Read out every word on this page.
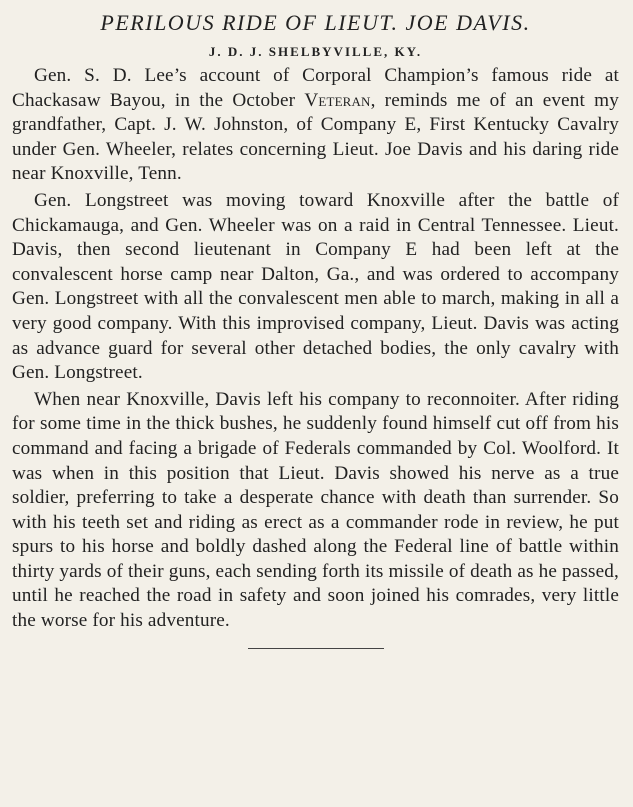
PERILOUS RIDE OF LIEUT. JOE DAVIS.
J. D. J. SHELBYVILLE, KY.

Gen. S. D. Lee’s account of Corporal Champion’s famous ride at Chackasaw Bayou, in the October Veteran, reminds me of an event my grandfather, Capt. J. W. Johnston, of Company E, First Kentucky Cavalry under Gen. Wheeler, relates concerning Lieut. Joe Davis and his daring ride near Knoxville, Tenn.

Gen. Longstreet was moving toward Knoxville after the battle of Chickamauga, and Gen. Wheeler was on a raid in Central Tennessee. Lieut. Davis, then second lieutenant in Company E had been left at the convalescent horse camp near Dalton, Ga., and was ordered to accompany Gen. Longstreet with all the convalescent men able to march, making in all a very good company. With this improvised company, Lieut. Davis was acting as advance guard for several other detached bodies, the only cavalry with Gen. Longstreet.

When near Knoxville, Davis left his company to reconnoiter. After riding for some time in the thick bushes, he suddenly found himself cut off from his command and facing a brigade of Federals commanded by Col. Woolford. It was when in this position that Lieut. Davis showed his nerve as a true soldier, preferring to take a desperate chance with death than surrender. So with his teeth set and riding as erect as a commander rode in review, he put spurs to his horse and boldly dashed along the Federal line of battle within thirty yards of their guns, each sending forth its missile of death as he passed, until he reached the road in safety and soon joined his comrades, very little the worse for his adventure.
